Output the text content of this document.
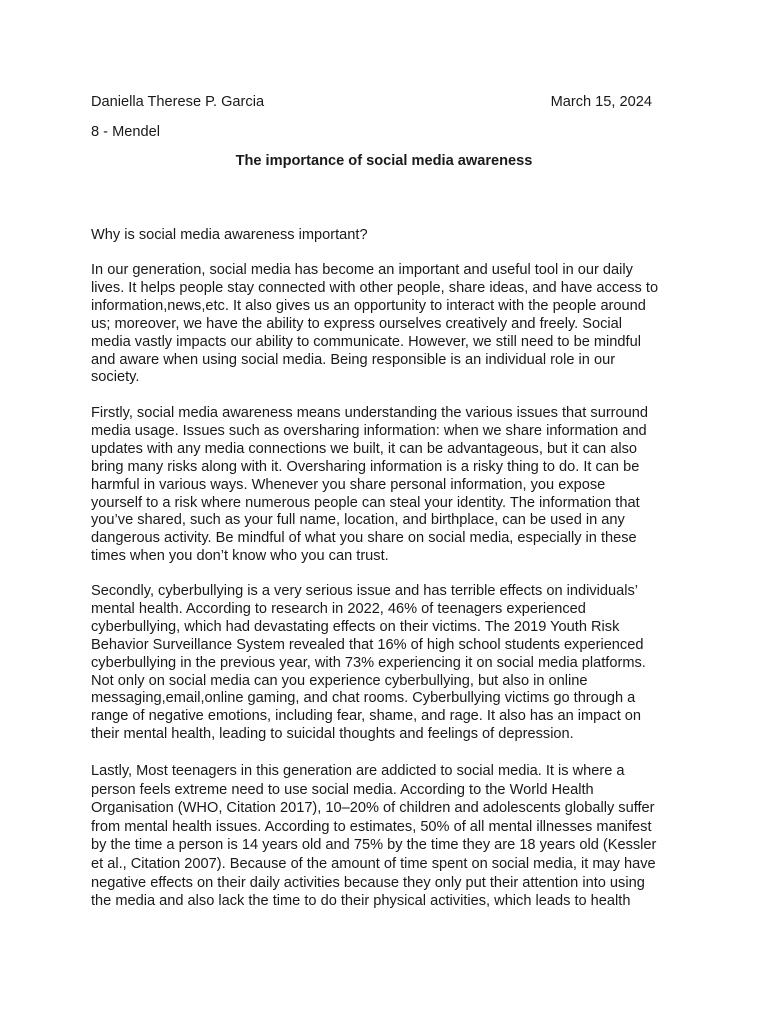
Daniella Therese P. Garcia	March 15, 2024
8 - Mendel
The importance of social media awareness
Why is social media awareness important?
In our generation, social media has become an important and useful tool in our daily
lives. It helps people stay connected with other people, share ideas, and have access to
information,news,etc. It also gives us an opportunity to interact with the people around
us; moreover, we have the ability to express ourselves creatively and freely. Social
media vastly impacts our ability to communicate. However, we still need to be mindful
and aware when using social media. Being responsible is an individual role in our
society.
Firstly, social media awareness means understanding the various issues that surround
media usage. Issues such as oversharing information: when we share information and
updates with any media connections we built, it can be advantageous, but it can also
bring many risks along with it. Oversharing information is a risky thing to do. It can be
harmful in various ways. Whenever you share personal information, you expose
yourself to a risk where numerous people can steal your identity. The information that
you’ve shared, such as your full name, location, and birthplace, can be used in any
dangerous activity. Be mindful of what you share on social media, especially in these
times when you don’t know who you can trust.
Secondly, cyberbullying is a very serious issue and has terrible effects on individuals’
mental health. According to research in 2022, 46% of teenagers experienced
cyberbullying, which had devastating effects on their victims. The 2019 Youth Risk
Behavior Surveillance System revealed that 16% of high school students experienced
cyberbullying in the previous year, with 73% experiencing it on social media platforms.
Not only on social media can you experience cyberbullying, but also in online
messaging,email,online gaming, and chat rooms. Cyberbullying victims go through a
range of negative emotions, including fear, shame, and rage. It also has an impact on
their mental health, leading to suicidal thoughts and feelings of depression.
Lastly, Most teenagers in this generation are addicted to social media. It is where a
person feels extreme need to use social media. According to the World Health
Organisation (WHO, Citation 2017), 10–20% of children and adolescents globally suffer
from mental health issues. According to estimates, 50% of all mental illnesses manifest
by the time a person is 14 years old and 75% by the time they are 18 years old (Kessler
et al., Citation 2007). Because of the amount of time spent on social media, it may have
negative effects on their daily activities because they only put their attention into using
the media and also lack the time to do their physical activities, which leads to health
